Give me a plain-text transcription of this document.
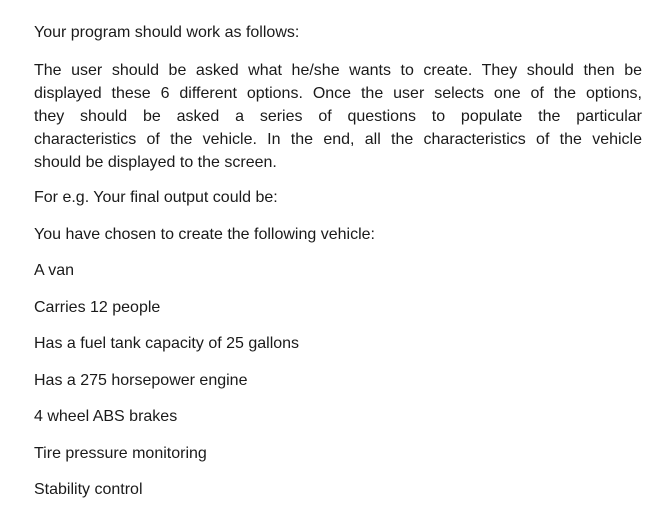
Your program should work as follows:

The user should be asked what he/she wants to create. They should then be
displayed these 6 different options. Once the user selects one of the options,
they should be asked a series of questions to populate the particular
characteristics of the vehicle. In the end, all the characteristics of the vehicle
should be displayed to the screen.

For e.g. Your final output could be:

You have chosen to create the following vehicle:

A van

Carries 12 people

Has a fuel tank capacity of 25 gallons

Has a 275 horsepower engine

4 wheel ABS brakes

Tire pressure monitoring

Stability control
